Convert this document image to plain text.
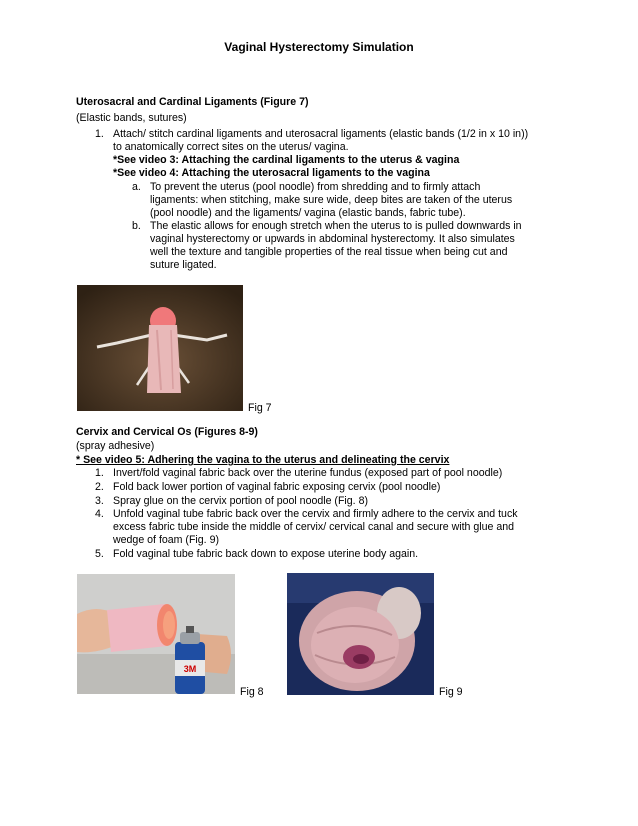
Vaginal Hysterectomy Simulation
Uterosacral and Cardinal Ligaments (Figure 7)
(Elastic bands, sutures)
1. Attach/ stitch cardinal ligaments and uterosacral ligaments (elastic bands (1/2 in x 10 in))
to anatomically correct sites on the uterus/ vagina.
*See video 3: Attaching the cardinal ligaments to the uterus & vagina
*See video 4: Attaching the uterosacral ligaments to the vagina
a. To prevent the uterus (pool noodle) from shredding and to firmly attach
ligaments: when stitching, make sure wide, deep bites are taken of the uterus
(pool noodle) and the ligaments/ vagina (elastic bands, fabric tube).
b. The elastic allows for enough stretch when the uterus to is pulled downwards in
vaginal hysterectomy or upwards in abdominal hysterectomy. It also simulates
well the texture and tangible properties of the real tissue when being cut and
suture ligated.
Fig 7
Cervix and Cervical Os (Figures 8-9)
(spray adhesive)
* See video 5: Adhering the vagina to the uterus and delineating the cervix
1. Invert/fold vaginal fabric back over the uterine fundus (exposed part of pool noodle)
2. Fold back lower portion of vaginal fabric exposing cervix (pool noodle)
3. Spray glue on the cervix portion of pool noodle (Fig. 8)
4. Unfold vaginal tube fabric back over the cervix and firmly adhere to the cervix and tuck
excess fabric tube inside the middle of cervix/ cervical canal and secure with glue and
wedge of foam (Fig. 9)
5. Fold vaginal tube fabric back down to expose uterine body again.
3M
Fig 8	Fig 9
